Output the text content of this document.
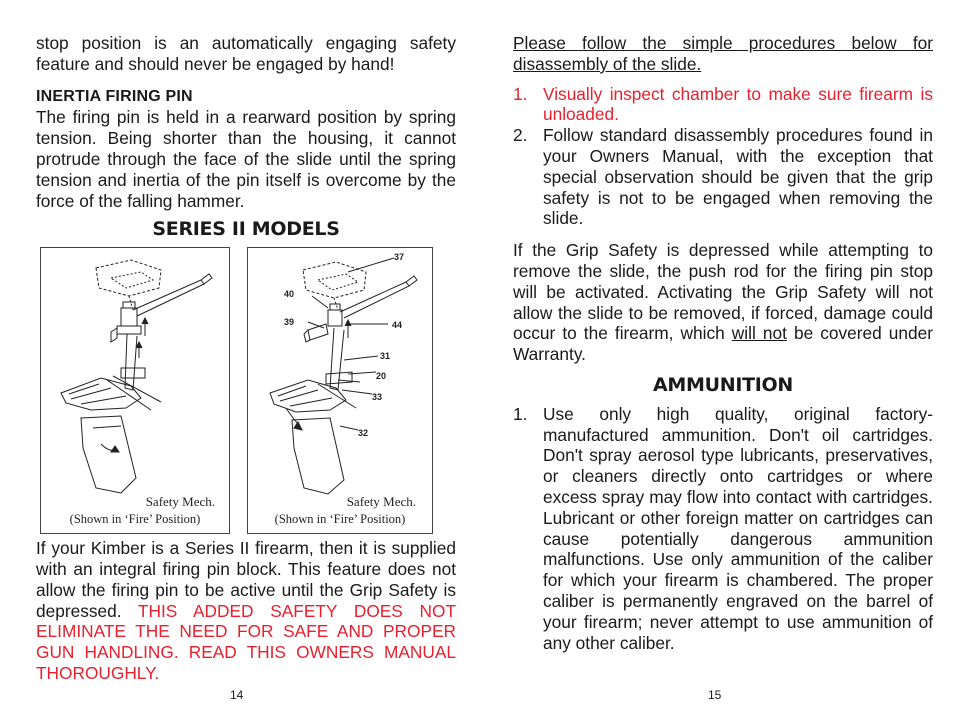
stop position is an automatically engaging safety feature and should never be engaged by hand!

INERTIA FIRING PIN

The firing pin is held in a rearward position by spring tension. Being shorter than the housing, it cannot protrude through the face of the slide until the spring tension and inertia of the pin itself is overcome by the force of the falling hammer.

SERIES II MODELS
Safety Mech.
(Shown in ‘Fire’ Position)
37
40
39	44
31
20
33
32
Safety Mech.
(Shown in ‘Fire’ Position)

If your Kimber is a Series II firearm, then it is supplied with an integral firing pin block. This feature does not allow the firing pin to be active until the Grip Safety is depressed. THIS ADDED SAFETY DOES NOT ELIMINATE THE NEED FOR SAFE AND PROPER GUN HANDLING. READ THIS OWNERS MANUAL THOROUGHLY.

14

Please follow the simple procedures below for disassembly of the slide.

1. Visually inspect chamber to make sure firearm is unloaded.
2. Follow standard disassembly procedures found in your Owners Manual, with the exception that special observation should be given that the grip safety is not to be engaged when removing the slide.

If the Grip Safety is depressed while attempting to remove the slide, the push rod for the firing pin stop will be activated. Activating the Grip Safety will not allow the slide to be removed, if forced, damage could occur to the firearm, which will not be covered under Warranty.

AMMUNITION
1. Use only high quality, original factory-manufactured ammunition. Don't oil cartridges. Don't spray aerosol type lubricants, preservatives, or cleaners directly onto cartridges or where excess spray may flow into contact with cartridges. Lubricant or other foreign matter on cartridges can cause potentially dangerous ammunition malfunctions. Use only ammunition of the caliber for which your firearm is chambered. The proper caliber is permanently engraved on the barrel of your firearm; never attempt to use ammunition of any other caliber.
15
